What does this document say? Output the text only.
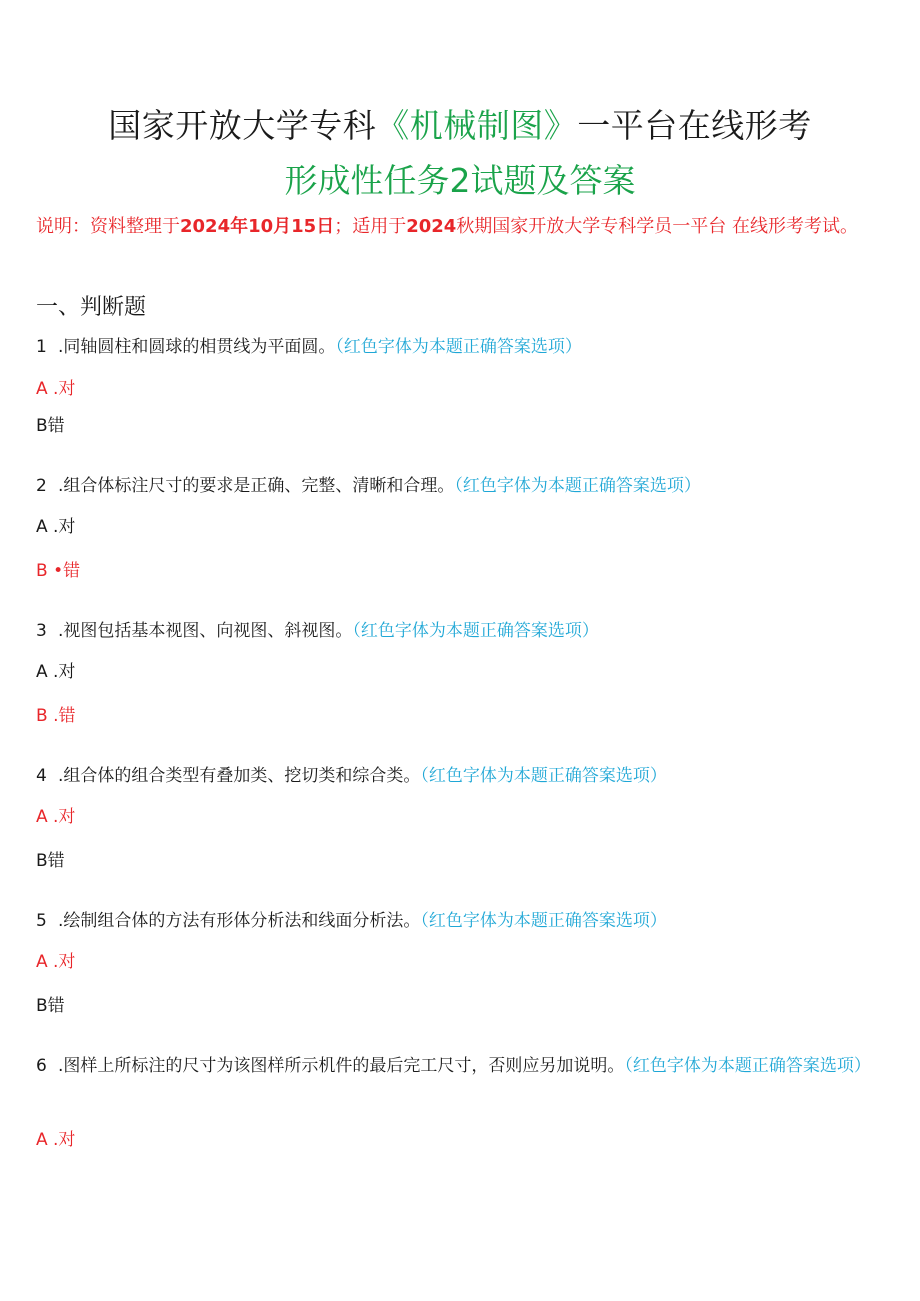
国家开放大学专科《机械制图》一平台在线形考
形成性任务2试题及答案
说明：资料整理于2024年10月15日；适用于2024秋期国家开放大学专科学员一平台 在线形考考试。
一、判断题
1 .同轴圆柱和圆球的相贯线为平面圆。（红色字体为本题正确答案选项）
A .对
B错
2 .组合体标注尺寸的要求是正确、完整、清晰和合理。（红色字体为本题正确答案选项）
A .对
B •错
3 .视图包括基本视图、向视图、斜视图。（红色字体为本题正确答案选项）
A .对
B .错
4 .组合体的组合类型有叠加类、挖切类和综合类。（红色字体为本题正确答案选项）
A .对
B错
5 .绘制组合体的方法有形体分析法和线面分析法。（红色字体为本题正确答案选项）
A .对
B错
6 .图样上所标注的尺寸为该图样所示机件的最后完工尺寸，否则应另加说明。（红色字体为本题正确答案选项）
A .对
